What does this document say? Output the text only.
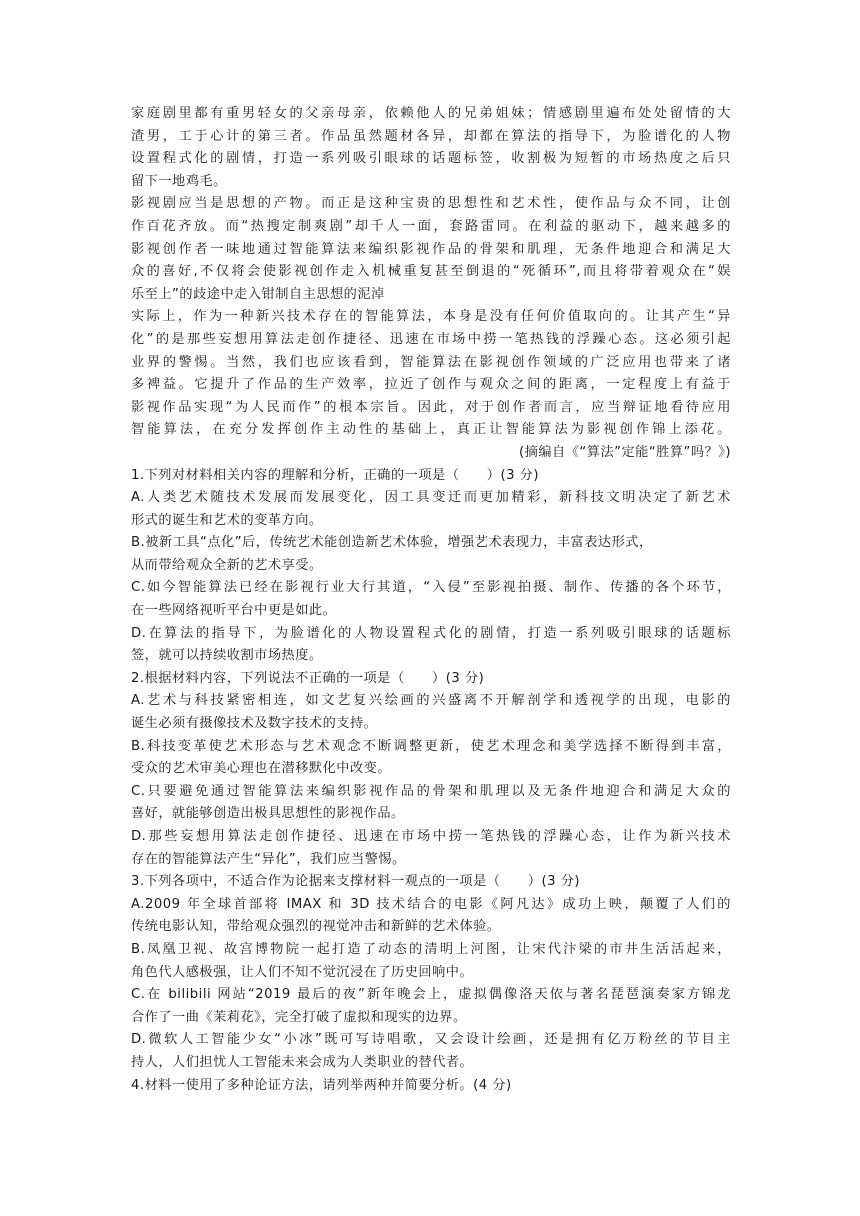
家庭剧里都有重男轻女的父亲母亲，依赖他人的兄弟姐妹；情感剧里遍布处处留情的大
渣男，工于心计的第三者。作品虽然题材各异，却都在算法的指导下，为脸谱化的人物
设置程式化的剧情，打造一系列吸引眼球的话题标签，收割极为短暂的市场热度之后只
留下一地鸡毛。
影视剧应当是思想的产物。而正是这种宝贵的思想性和艺术性，使作品与众不同，让创
作百花齐放。而“热搜定制爽剧”却千人一面，套路雷同。在利益的驱动下，越来越多的
影视创作者一味地通过智能算法来编织影视作品的骨架和肌理，无条件地迎合和满足大
众的喜好,不仅将会使影视创作走入机械重复甚至倒退的“死循环”,而且将带着观众在“娱
乐至上”的歧途中走入钳制自主思想的泥淖
实际上，作为一种新兴技术存在的智能算法，本身是没有任何价值取向的。让其产生“异
化”的是那些妄想用算法走创作捷径、迅速在市场中捞一笔热钱的浮躁心态。这必须引起
业界的警惕。当然，我们也应该看到，智能算法在影视创作领域的广泛应用也带来了诸
多裨益。它提升了作品的生产效率，拉近了创作与观众之间的距离，一定程度上有益于
影视作品实现“为人民而作”的根本宗旨。因此，对于创作者而言，应当辩证地看待应用
智能算法，在充分发挥创作主动性的基础上，真正让智能算法为影视创作锦上添花。
(摘编自《“算法”定能“胜算”吗？》)
1.下列对材料相关内容的理解和分析，正确的一项是（　　）(3 分)
A.人类艺术随技术发展而发展变化，因工具变迁而更加精彩，新科技文明决定了新艺术
形式的诞生和艺术的变革方向。
B.被新工具“点化”后，传统艺术能创造新艺术体验，增强艺术表现力，丰富表达形式，
从而带给观众全新的艺术享受。
C.如今智能算法已经在影视行业大行其道，“入侵”至影视拍摄、制作、传播的各个环节，
在一些网络视听平台中更是如此。
D.在算法的指导下，为脸谱化的人物设置程式化的剧情，打造一系列吸引眼球的话题标
签，就可以持续收割市场热度。
2.根据材料内容，下列说法不正确的一项是（　　）(3 分)
A.艺术与科技紧密相连，如文艺复兴绘画的兴盛离不开解剖学和透视学的出现，电影的
诞生必须有摄像技术及数字技术的支持。
B.科技变革使艺术形态与艺术观念不断调整更新，使艺术理念和美学选择不断得到丰富，
受众的艺术审美心理也在潜移默化中改变。
C.只要避免通过智能算法来编织影视作品的骨架和肌理以及无条件地迎合和满足大众的
喜好，就能够创造出极具思想性的影视作品。
D.那些妄想用算法走创作捷径、迅速在市场中捞一笔热钱的浮躁心态，让作为新兴技术
存在的智能算法产生“异化”，我们应当警惕。
3.下列各项中，不适合作为论据来支撑材料一观点的一项是（　　）(3 分)
A.2009 年全球首部将 IMAX 和 3D 技术结合的电影《阿凡达》成功上映，颠覆了人们的
传统电影认知，带给观众强烈的视觉冲击和新鲜的艺术体验。
B.凤凰卫视、故宫博物院一起打造了动态的清明上河图，让宋代汴梁的市井生活活起来，
角色代人感极强，让人们不知不觉沉浸在了历史回响中。
C.在 bilibili 网站“2019 最后的夜”新年晚会上，虚拟偶像洛天依与著名琵琶演奏家方锦龙
合作了一曲《茉莉花》，完全打破了虚拟和现实的边界。
D.微软人工智能少女“小冰”既可写诗唱歌，又会设计绘画，还是拥有亿万粉丝的节目主
持人，人们担忧人工智能未来会成为人类职业的替代者。
4.材料一使用了多种论证方法，请列举两种并简要分析。(4 分)
